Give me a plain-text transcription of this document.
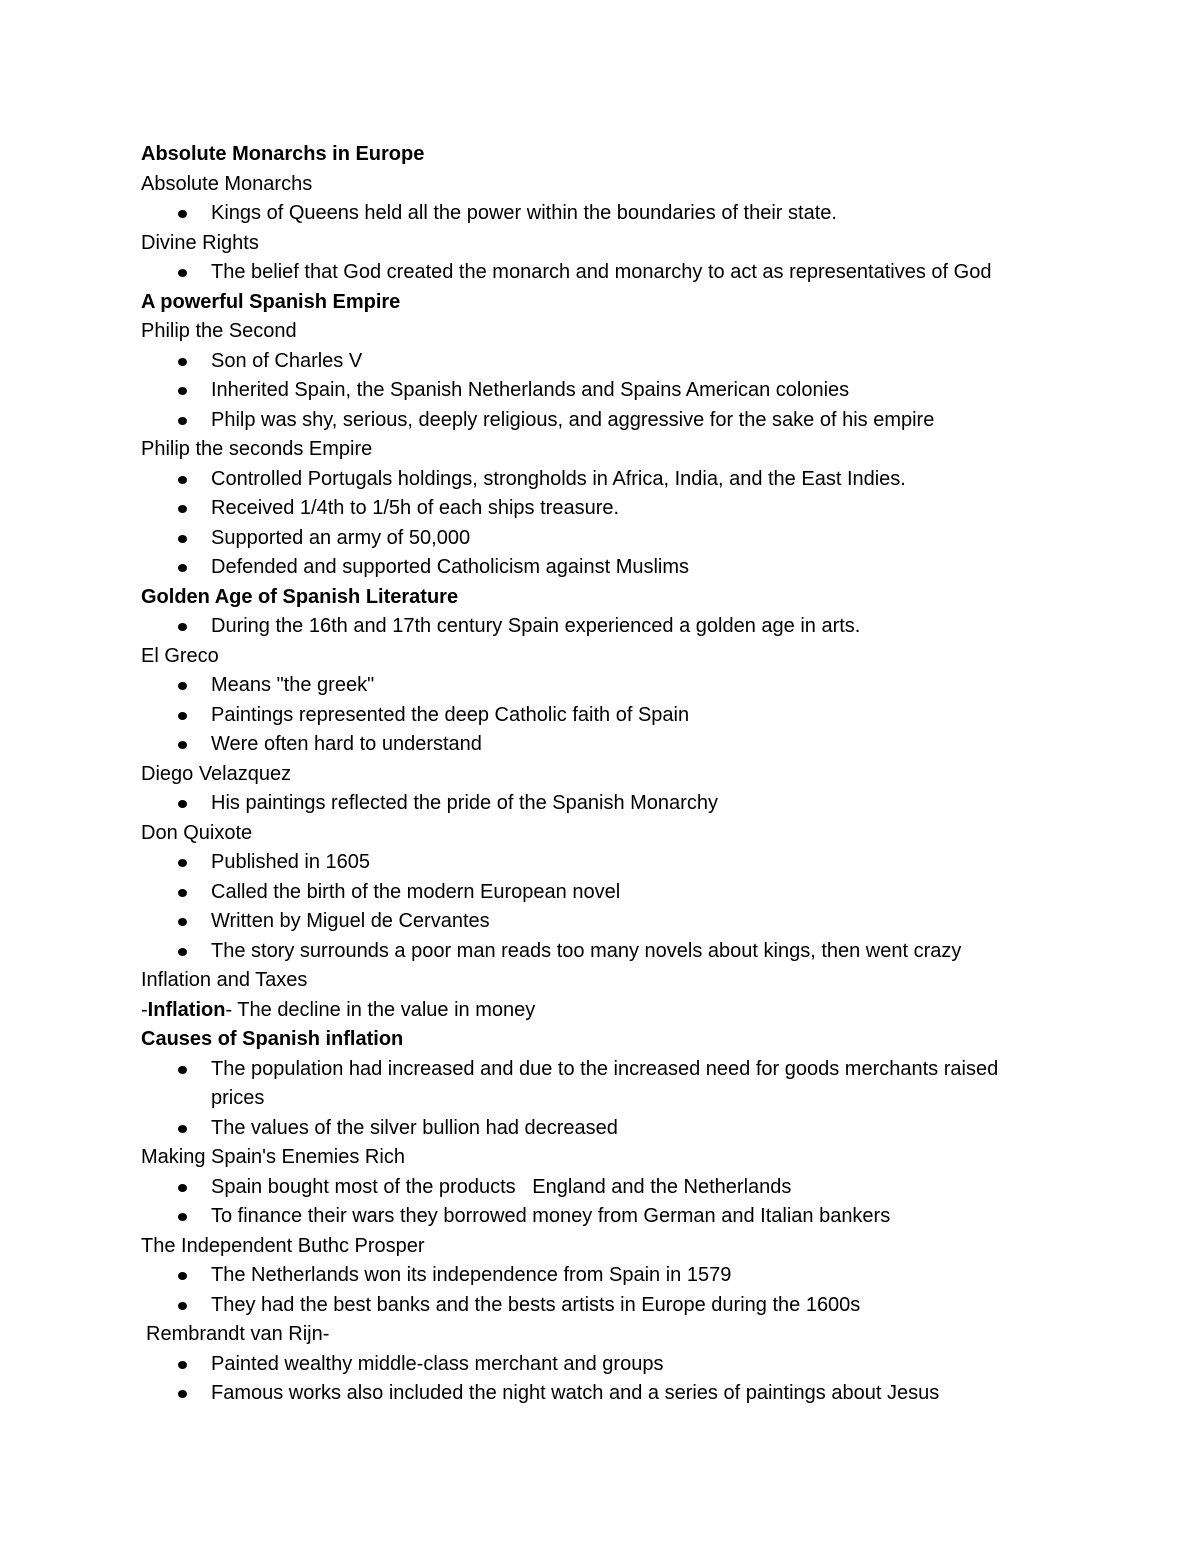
Absolute Monarchs in Europe

Absolute Monarchs

Kings of Queens held all the power within the boundaries of their state.

Divine Rights

The belief that God created the monarch and monarchy to act as representatives of God

A powerful Spanish Empire

Philip the Second

Son of Charles V
Inherited Spain, the Spanish Netherlands and Spains American colonies
Philp was shy, serious, deeply religious, and aggressive for the sake of his empire

Philip the seconds Empire

Controlled Portugals holdings, strongholds in Africa, India, and the East Indies.
Received 1/4th to 1/5h of each ships treasure.
Supported an army of 50,000
Defended and supported Catholicism against Muslims

Golden Age of Spanish Literature

During the 16th and 17th century Spain experienced a golden age in arts.

El Greco

Means "the greek"
Paintings represented the deep Catholic faith of Spain
Were often hard to understand

Diego Velazquez

His paintings reflected the pride of the Spanish Monarchy

Don Quixote

Published in 1605
Called the birth of the modern European novel
Written by Miguel de Cervantes
The story surrounds a poor man reads too many novels about kings, then went crazy

Inflation and Taxes

-Inflation- The decline in the value in money

Causes of Spanish inflation

The population had increased and due to the increased need for goods merchants raised prices
The values of the silver bullion had decreased

Making Spain's Enemies Rich

Spain bought most of the products   England and the Netherlands
To finance their wars they borrowed money from German and Italian bankers

The Independent Buthc Prosper

The Netherlands won its independence from Spain in 1579
They had the best banks and the bests artists in Europe during the 1600s

Rembrandt van Rijn-

Painted wealthy middle-class merchant and groups
Famous works also included the night watch and a series of paintings about Jesus
